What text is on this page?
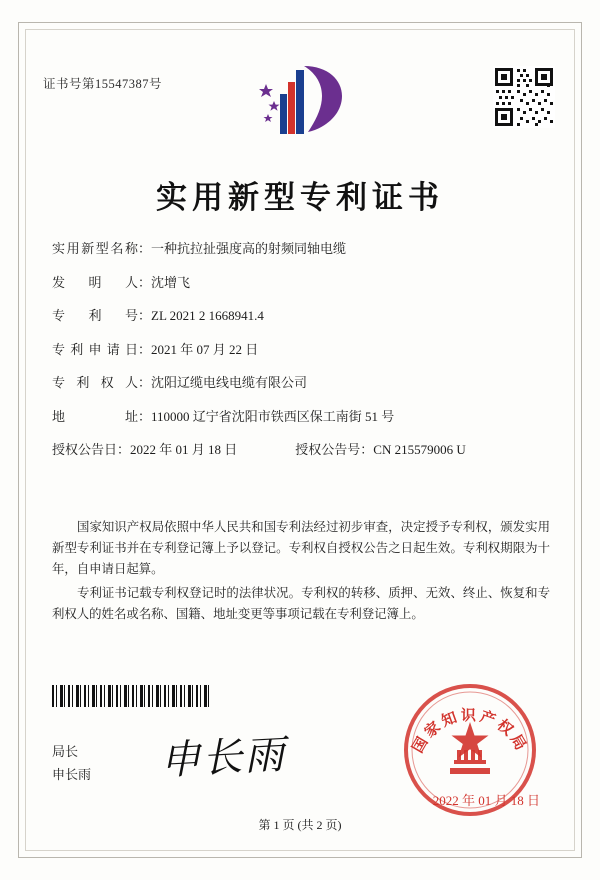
证书号第15547387号
实用新型专利证书
实用新型名称 ： 一种抗拉扯强度高的射频同轴电缆
发　明　人 ： 沈增飞
专　利　号 ： ZL 2021 2 1668941.4
专利申请日 ： 2021 年 07 月 22 日
专 利 权 人 ： 沈阳辽缆电线电缆有限公司
地　　　址 ： 110000 辽宁省沈阳市铁西区保工南街 51 号
授权公告日： 2022 年 01 月 18 日	授权公告号： CN 215579006 U
国家知识产权局依照中华人民共和国专利法经过初步审查，决定授予专利权，颁发实用新型专利证书并在专利登记簿上予以登记。专利权自授权公告之日起生效。专利权期限为十年，自申请日起算。
专利证书记载专利权登记时的法律状况。专利权的转移、质押、无效、终止、恢复和专利权人的姓名或名称、国籍、地址变更等事项记载在专利登记簿上。
局长
申长雨 申长雨	国家知识产权局
2022 年 01 月 18 日
第 1 页 (共 2 页)
